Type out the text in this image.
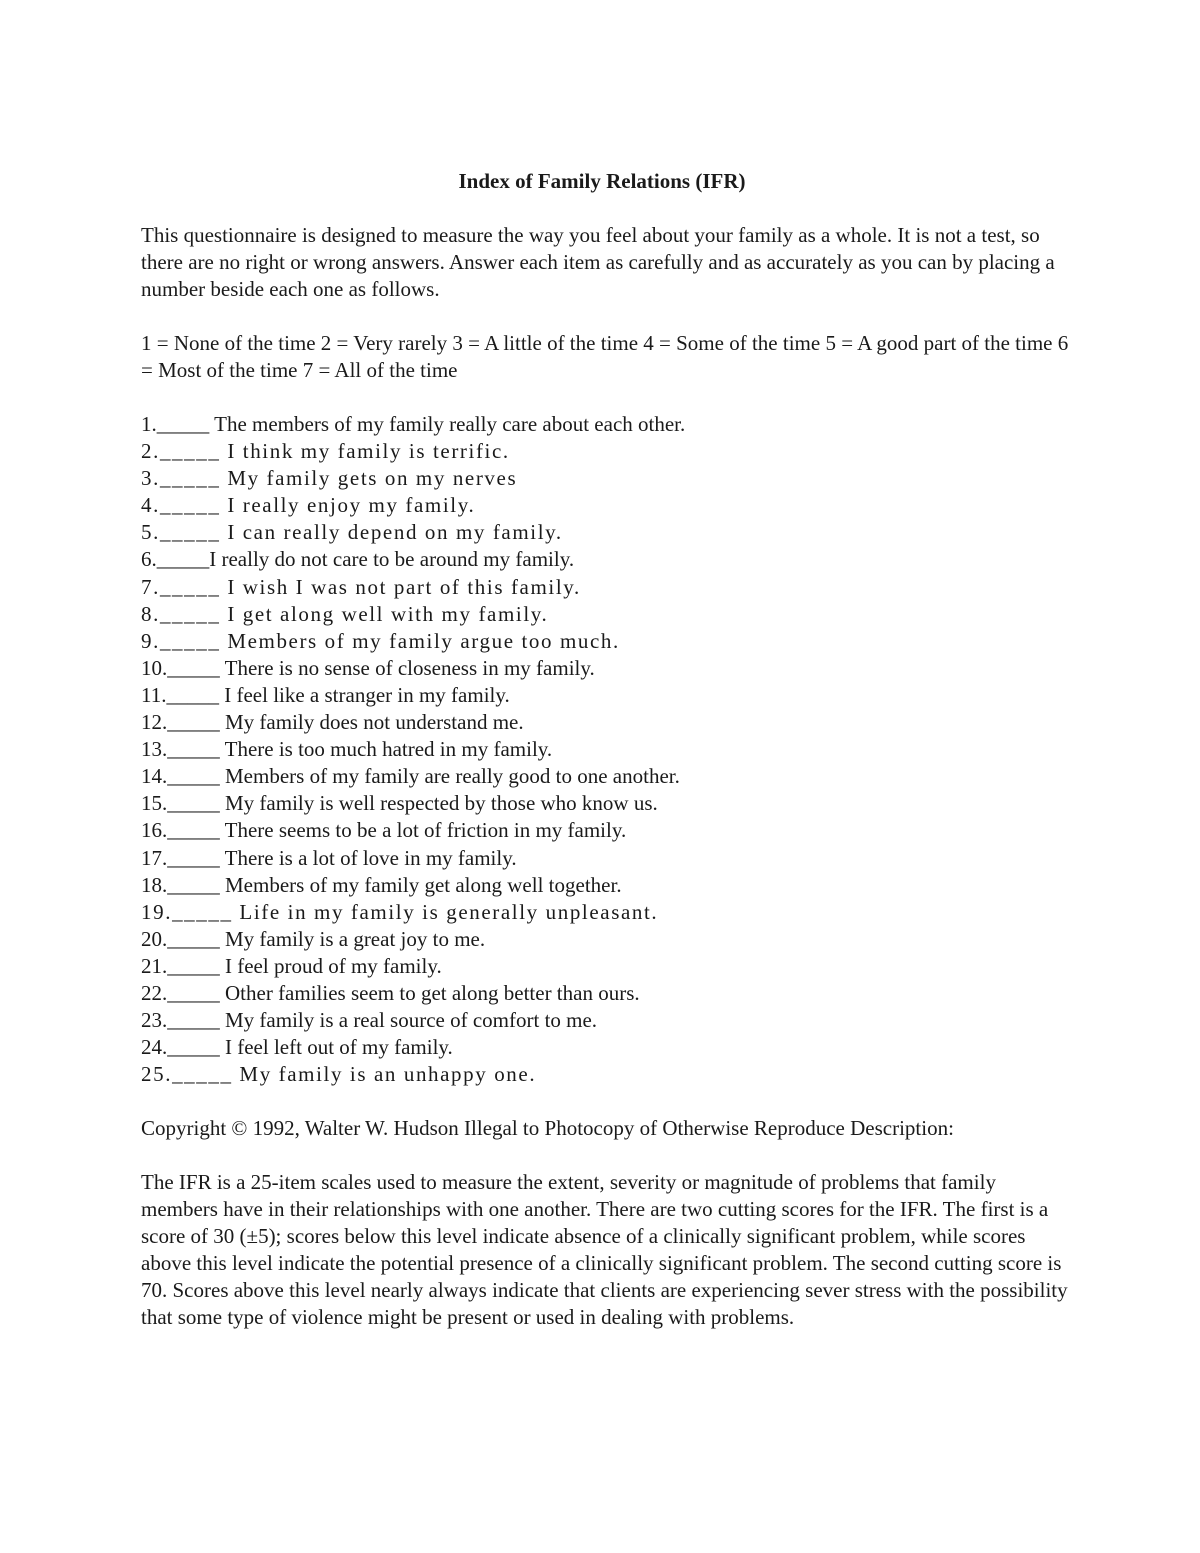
Index of Family Relations (IFR)

This questionnaire is designed to measure the way you feel about your family as a whole. It is not a test, so there are no right or wrong answers. Answer each item as carefully and as accurately as you can by placing a number beside each one as follows.

1 = None of the time 2 = Very rarely 3 = A little of the time 4 = Some of the time 5 = A good part of the time 6 = Most of the time 7 = All of the time

1._____ The members of my family really care about each other.
2._____ I think my family is terrific.
3._____ My family gets on my nerves
4._____ I really enjoy my family.
5._____ I can really depend on my family.
6._____I really do not care to be around my family.
7._____ I wish I was not part of this family.
8._____ I get along well with my family.
9._____ Members of my family argue too much.
10._____ There is no sense of closeness in my family.
11._____ I feel like a stranger in my family.
12._____ My family does not understand me.
13._____ There is too much hatred in my family.
14._____ Members of my family are really good to one another.
15._____ My family is well respected by those who know us.
16._____ There seems to be a lot of friction in my family.
17._____ There is a lot of love in my family.
18._____ Members of my family get along well together.
19._____ Life in my family is generally unpleasant.
20._____ My family is a great joy to me.
21._____ I feel proud of my family.
22._____ Other families seem to get along better than ours.
23._____ My family is a real source of comfort to me.
24._____ I feel left out of my family.
25._____ My family is an unhappy one.

Copyright © 1992, Walter W. Hudson Illegal to Photocopy of Otherwise Reproduce Description:

The IFR is a 25-item scales used to measure the extent, severity or magnitude of problems that family members have in their relationships with one another. There are two cutting scores for the IFR. The first is a score of 30 (±5); scores below this level indicate absence of a clinically significant problem, while scores above this level indicate the potential presence of a clinically significant problem. The second cutting score is 70. Scores above this level nearly always indicate that clients are experiencing sever stress with the possibility that some type of violence might be present or used in dealing with problems.
